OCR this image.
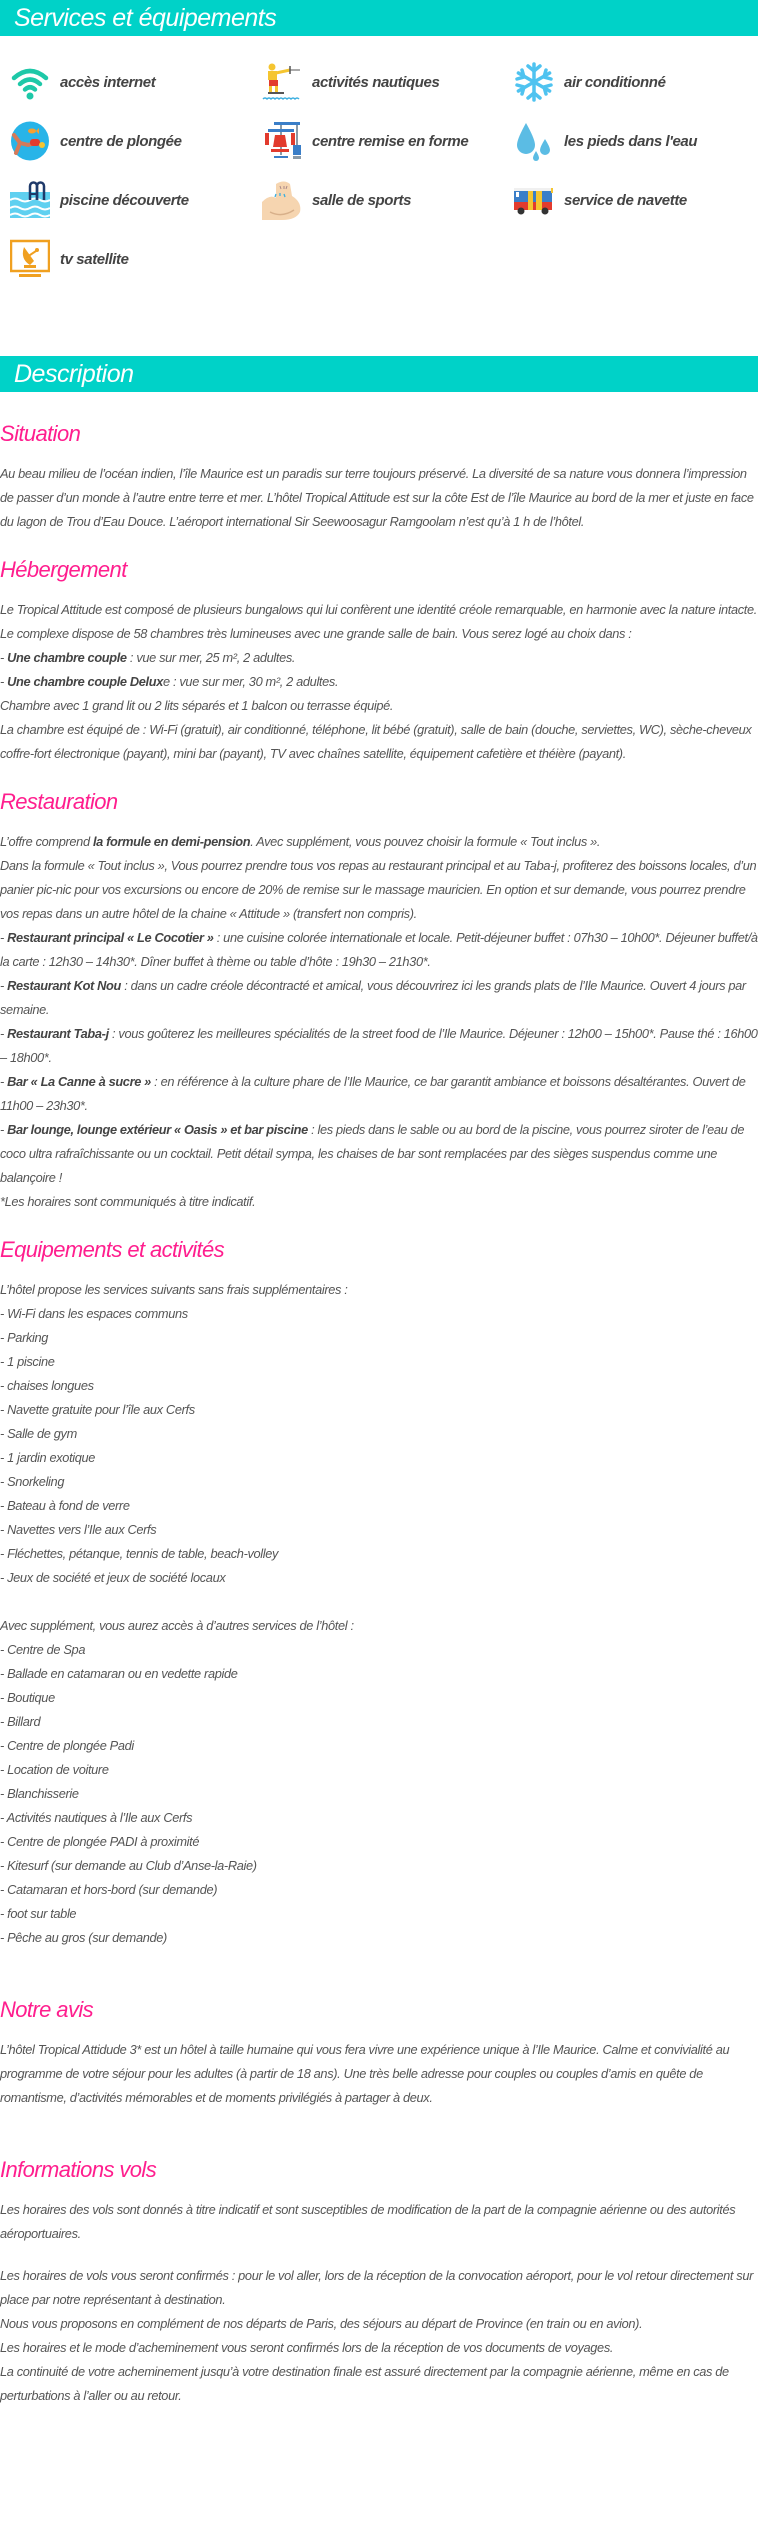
Services et équipements
accès internet	activités nautiques	air conditionné
centre de plongée	centre remise en forme	les pieds dans l'eau
piscine découverte	salle de sports	service de navette
tv satellite
Description
Situation

Au beau milieu de l’océan indien, l’île Maurice est un paradis sur terre toujours préservé. La diversité de sa nature vous donnera l’impression de passer d’un monde à l’autre entre terre et mer. L’hôtel Tropical Attitude est sur la côte Est de l’île Maurice au bord de la mer et juste en face du lagon de Trou d’Eau Douce. L’aéroport international Sir Seewoosagur Ramgoolam n’est qu’à 1 h de l’hôtel.

Hébergement

Le Tropical Attitude est composé de plusieurs bungalows qui lui confèrent une identité créole remarquable, en harmonie avec la nature intacte. Le complexe dispose de 58 chambres très lumineuses avec une grande salle de bain. Vous serez logé au choix dans :
- Une chambre couple : vue sur mer, 25 m², 2 adultes.
- Une chambre couple Deluxe : vue sur mer, 30 m², 2 adultes.
Chambre avec 1 grand lit ou 2 lits séparés et 1 balcon ou terrasse équipé.
La chambre est équipé de : Wi-Fi (gratuit), air conditionné, téléphone, lit bébé (gratuit), salle de bain (douche, serviettes, WC), sèche-cheveux coffre-fort électronique (payant), mini bar (payant), TV avec chaînes satellite, équipement cafetière et théière (payant).

Restauration

L’offre comprend la formule en demi-pension. Avec supplément, vous pouvez choisir la formule « Tout inclus ».
Dans la formule « Tout inclus », Vous pourrez prendre tous vos repas au restaurant principal et au Taba-j, profiterez des boissons locales, d’un panier pic-nic pour vos excursions ou encore de 20% de remise sur le massage mauricien. En option et sur demande, vous pourrez prendre vos repas dans un autre hôtel de la chaine « Attitude » (transfert non compris).
- Restaurant principal « Le Cocotier » : une cuisine colorée internationale et locale. Petit-déjeuner buffet : 07h30 – 10h00*. Déjeuner buffet/à la carte : 12h30 – 14h30*. Dîner buffet à thème ou table d’hôte : 19h30 – 21h30*.
- Restaurant Kot Nou : dans un cadre créole décontracté et amical, vous découvrirez ici les grands plats de l’Ile Maurice. Ouvert 4 jours par semaine.
- Restaurant Taba-j : vous goûterez les meilleures spécialités de la street food de l’Ile Maurice. Déjeuner : 12h00 – 15h00*. Pause thé : 16h00 – 18h00*.
- Bar « La Canne à sucre » : en référence à la culture phare de l’Ile Maurice, ce bar garantit ambiance et boissons désaltérantes. Ouvert de 11h00 – 23h30*.
- Bar lounge, lounge extérieur « Oasis » et bar piscine : les pieds dans le sable ou au bord de la piscine, vous pourrez siroter de l’eau de coco ultra rafraîchissante ou un cocktail. Petit détail sympa, les chaises de bar sont remplacées par des sièges suspendus comme une balançoire !
*Les horaires sont communiqués à titre indicatif.

Equipements et activités

L’hôtel propose les services suivants sans frais supplémentaires :
- Wi-Fi dans les espaces communs
- Parking
- 1 piscine
- chaises longues
- Navette gratuite pour l’île aux Cerfs
- Salle de gym
- 1 jardin exotique
- Snorkeling
- Bateau à fond de verre
- Navettes vers l’Ile aux Cerfs
- Fléchettes, pétanque, tennis de table, beach-volley
- Jeux de société et jeux de société locaux

Avec supplément, vous aurez accès à d’autres services de l’hôtel :
- Centre de Spa
- Ballade en catamaran ou en vedette rapide
- Boutique
- Billard
- Centre de plongée Padi
- Location de voiture
- Blanchisserie
- Activités nautiques à l’Ile aux Cerfs
- Centre de plongée PADI à proximité
- Kitesurf (sur demande au Club d’Anse-la-Raie)
- Catamaran et hors-bord (sur demande)
- foot sur table
- Pêche au gros (sur demande)

Notre avis

L’hôtel Tropical Attidude 3* est un hôtel à taille humaine qui vous fera vivre une expérience unique à l’Ile Maurice. Calme et convivialité au programme de votre séjour pour les adultes (à partir de 18 ans). Une très belle adresse pour couples ou couples d’amis en quête de romantisme, d’activités mémorables et de moments privilégiés à partager à deux.

Informations vols

Les horaires des vols sont donnés à titre indicatif et sont susceptibles de modification de la part de la compagnie aérienne ou des autorités aéroportuaires.

Les horaires de vols vous seront confirmés : pour le vol aller, lors de la réception de la convocation aéroport, pour le vol retour directement sur place par notre représentant à destination.
Nous vous proposons en complément de nos départs de Paris, des séjours au départ de Province (en train ou en avion).
Les horaires et le mode d’acheminement vous seront confirmés lors de la réception de vos documents de voyages.
La continuité de votre acheminement jusqu’à votre destination finale est assuré directement par la compagnie aérienne, même en cas de perturbations à l’aller ou au retour.
